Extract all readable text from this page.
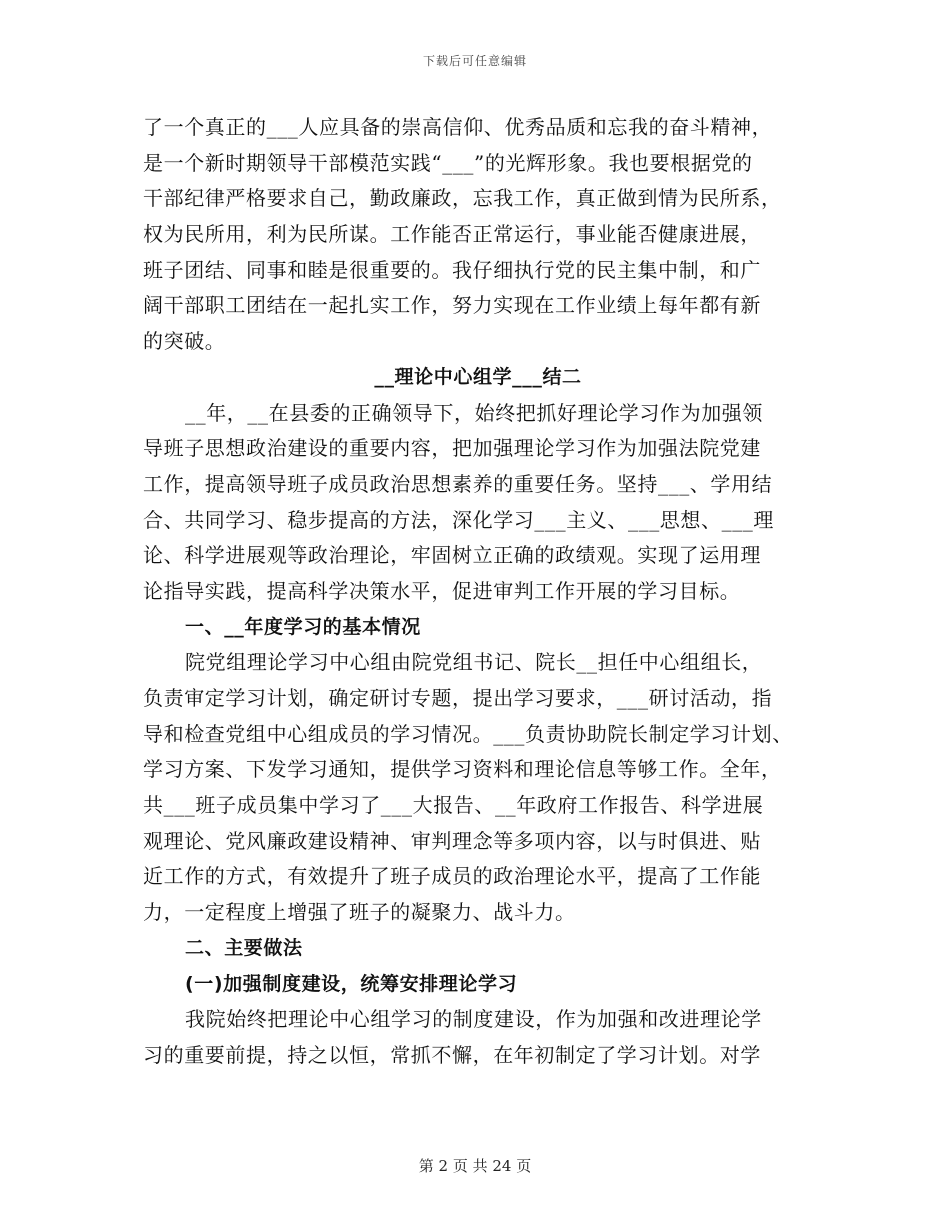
下载后可任意编辑
了一个真正的___人应具备的崇高信仰、优秀品质和忘我的奋斗精神，
是一个新时期领导干部模范实践“___”的光辉形象。我也要根据党的
干部纪律严格要求自己，勤政廉政，忘我工作，真正做到情为民所系，
权为民所用，利为民所谋。工作能否正常运行，事业能否健康进展，
班子团结、同事和睦是很重要的。我仔细执行党的民主集中制，和广
阔干部职工团结在一起扎实工作，努力实现在工作业绩上每年都有新
的突破。
__理论中心组学___结二
__年，__在县委的正确领导下，始终把抓好理论学习作为加强领
导班子思想政治建设的重要内容，把加强理论学习作为加强法院党建
工作，提高领导班子成员政治思想素养的重要任务。坚持___、学用结
合、共同学习、稳步提高的方法，深化学习___主义、___思想、___理
论、科学进展观等政治理论，牢固树立正确的政绩观。实现了运用理
论指导实践，提高科学决策水平，促进审判工作开展的学习目标。
一、__年度学习的基本情况
院党组理论学习中心组由院党组书记、院长__担任中心组组长，
负责审定学习计划，确定研讨专题，提出学习要求，___研讨活动，指
导和检查党组中心组成员的学习情况。___负责协助院长制定学习计划、
学习方案、下发学习通知，提供学习资料和理论信息等够工作。全年，
共___班子成员集中学习了___大报告、__年政府工作报告、科学进展
观理论、党风廉政建设精神、审判理念等多项内容，以与时俱进、贴
近工作的方式，有效提升了班子成员的政治理论水平，提高了工作能
力，一定程度上增强了班子的凝聚力、战斗力。
二、主要做法
(一)加强制度建设，统筹安排理论学习
我院始终把理论中心组学习的制度建设，作为加强和改进理论学
习的重要前提，持之以恒，常抓不懈，在年初制定了学习计划。对学
第 2 页 共 24 页
